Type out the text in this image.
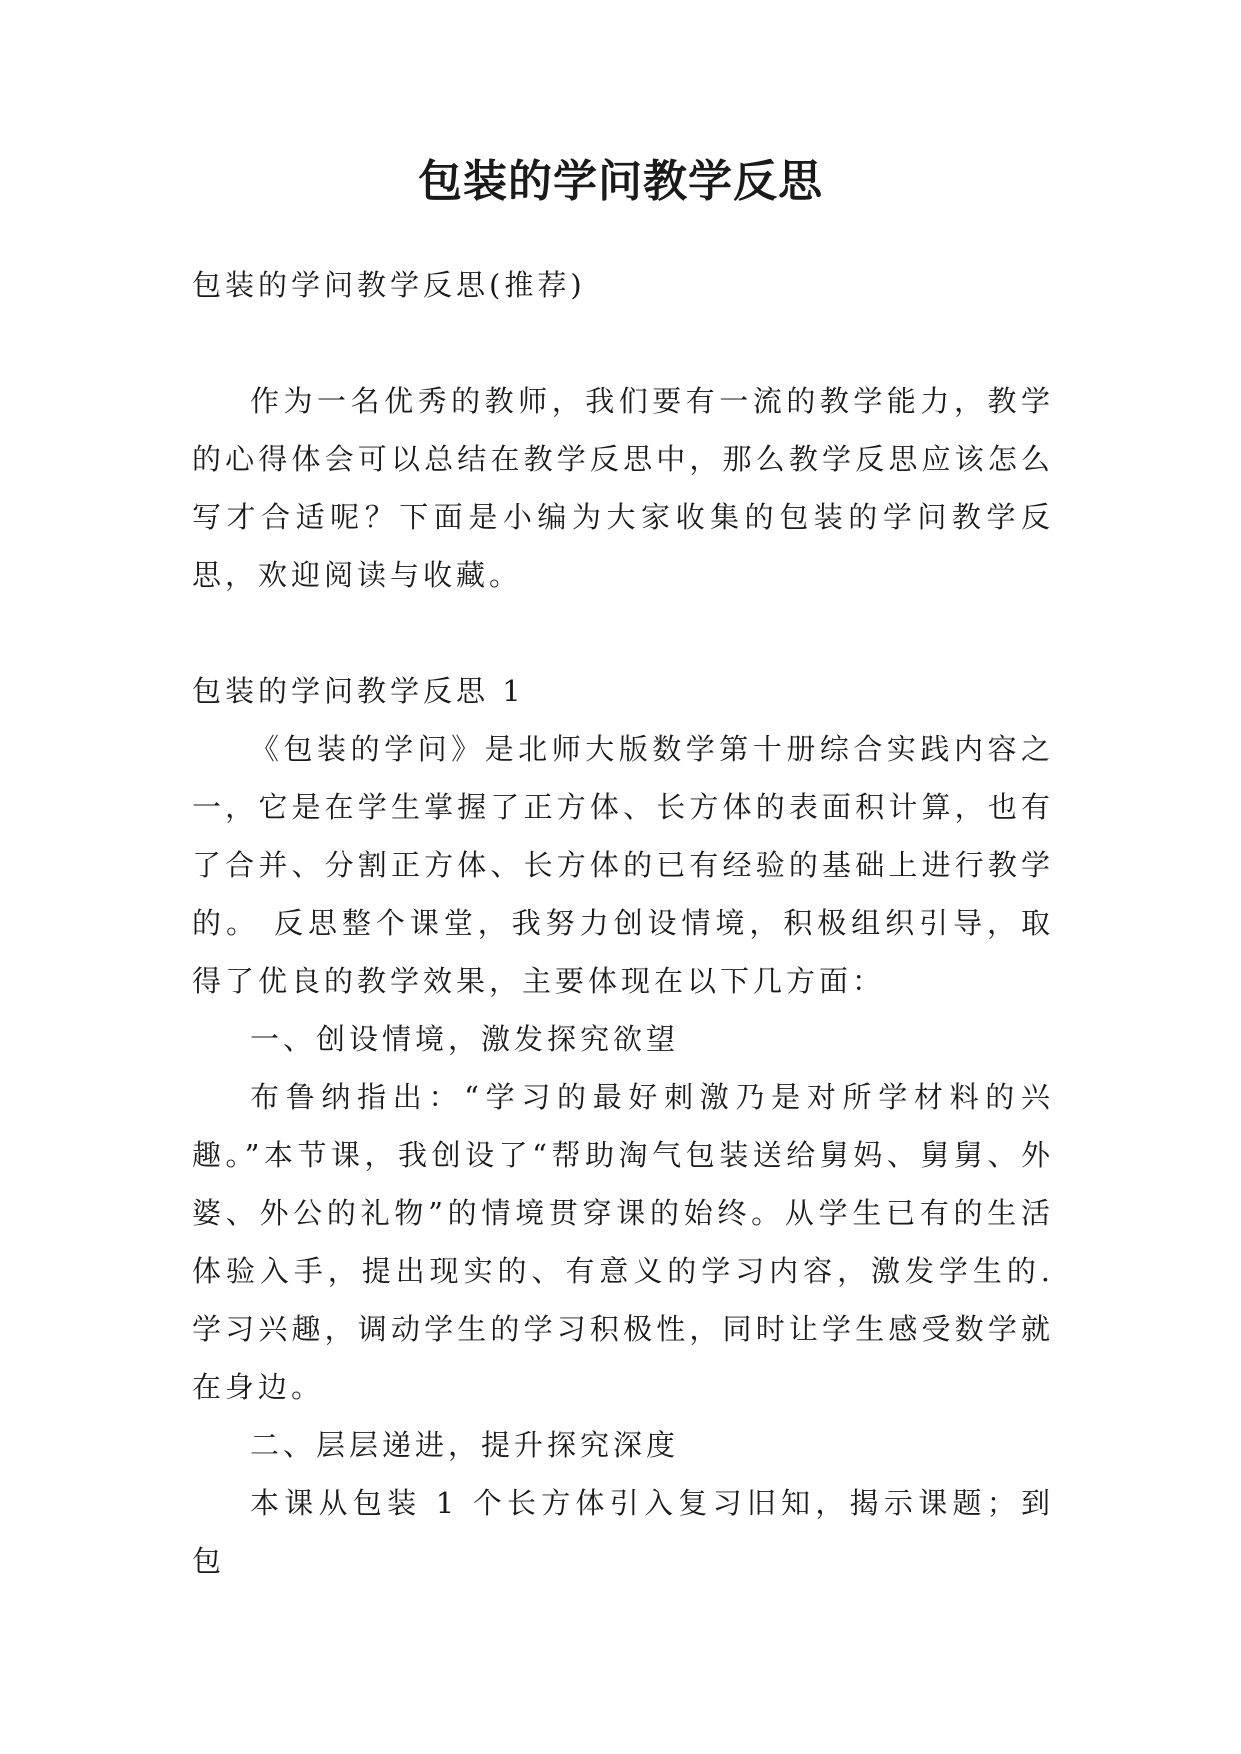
包装的学问教学反思

包装的学问教学反思(推荐)

作为一名优秀的教师，我们要有一流的教学能力，教学的心得体会可以总结在教学反思中，那么教学反思应该怎么写才合适呢？下面是小编为大家收集的包装的学问教学反思，欢迎阅读与收藏。

包装的学问教学反思 1

《包装的学问》是北师大版数学第十册综合实践内容之一，它是在学生掌握了正方体、长方体的表面积计算，也有了合并、分割正方体、长方体的已有经验的基础上进行教学的。 反思整个课堂，我努力创设情境，积极组织引导，取得了优良的教学效果，主要体现在以下几方面：

一、创设情境，激发探究欲望

布鲁纳指出：“学习的最好刺激乃是对所学材料的兴趣。”本节课，我创设了“帮助淘气包装送给舅妈、舅舅、外婆、外公的礼物”的情境贯穿课的始终。从学生已有的生活体验入手，提出现实的、有意义的学习内容，激发学生的.学习兴趣，调动学生的学习积极性，同时让学生感受数学就在身边。

二、层层递进，提升探究深度

本课从包装 1 个长方体引入复习旧知，揭示课题；到包
